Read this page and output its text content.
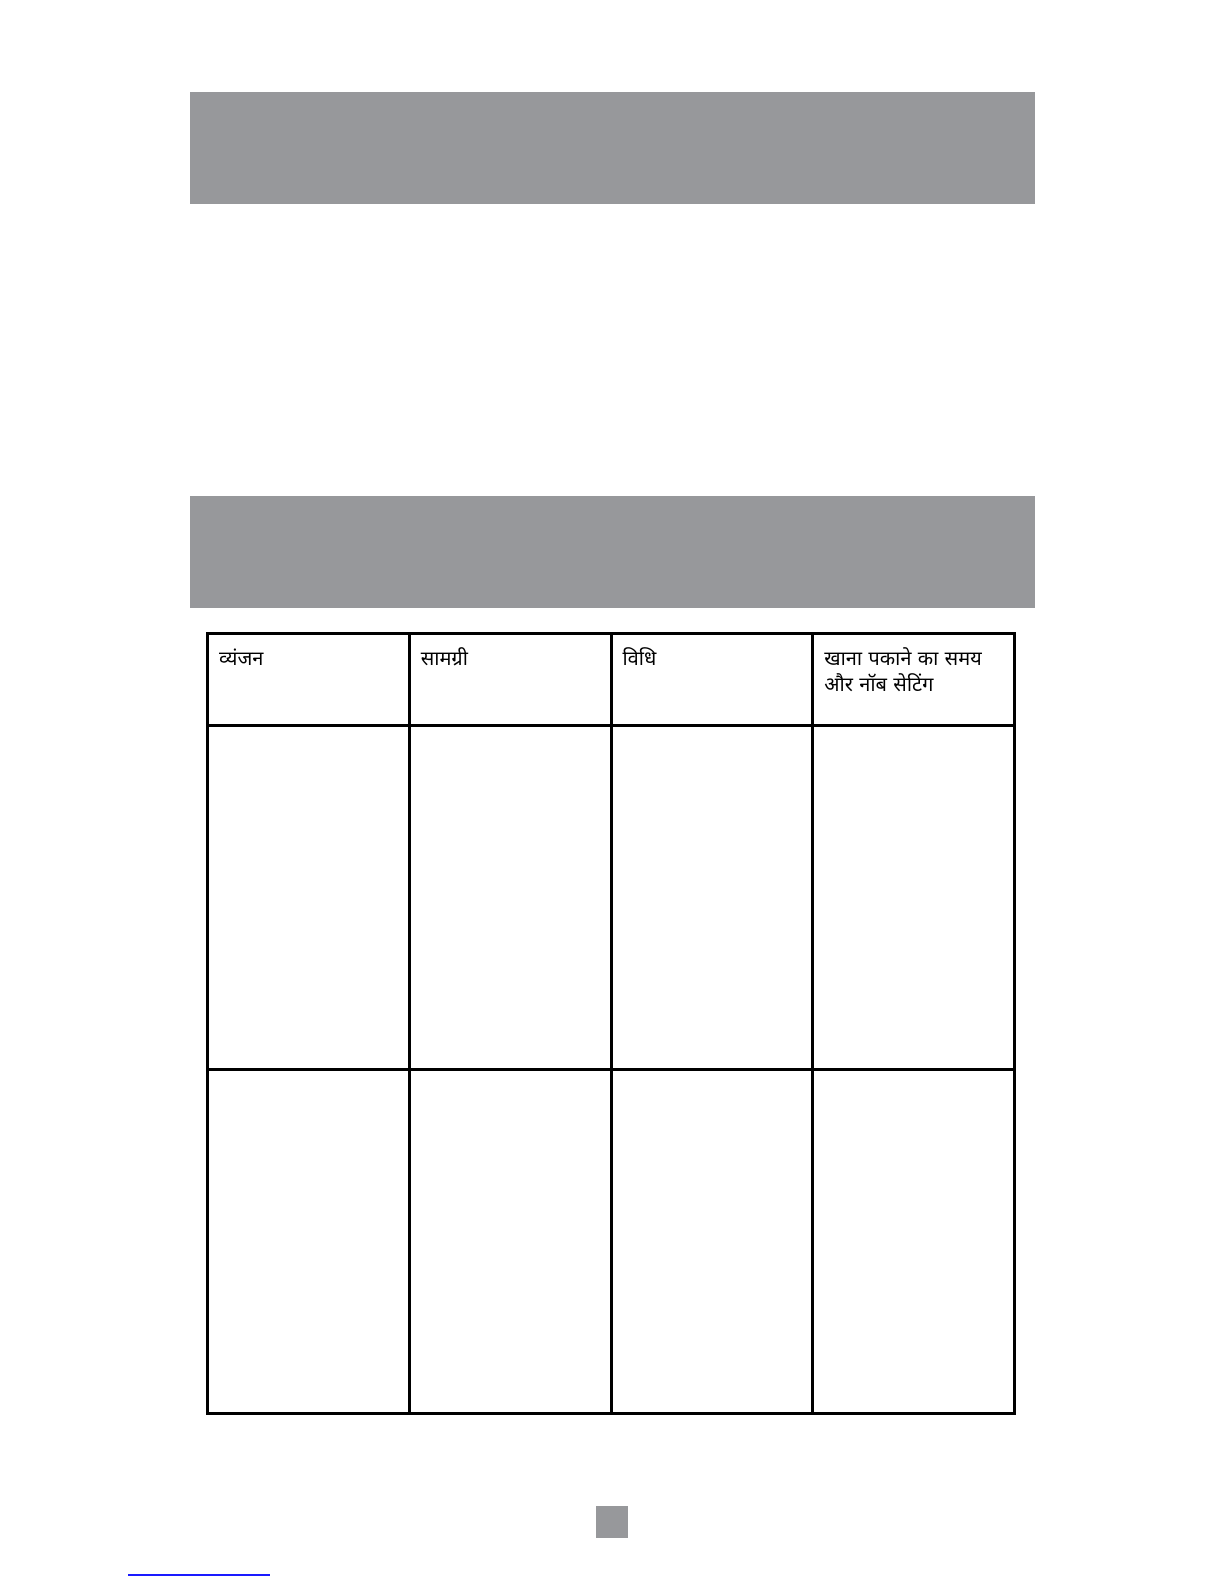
व्यंजन	सामग्री	विधि	खाना पकाने का समय और नॉब सेटिंग
